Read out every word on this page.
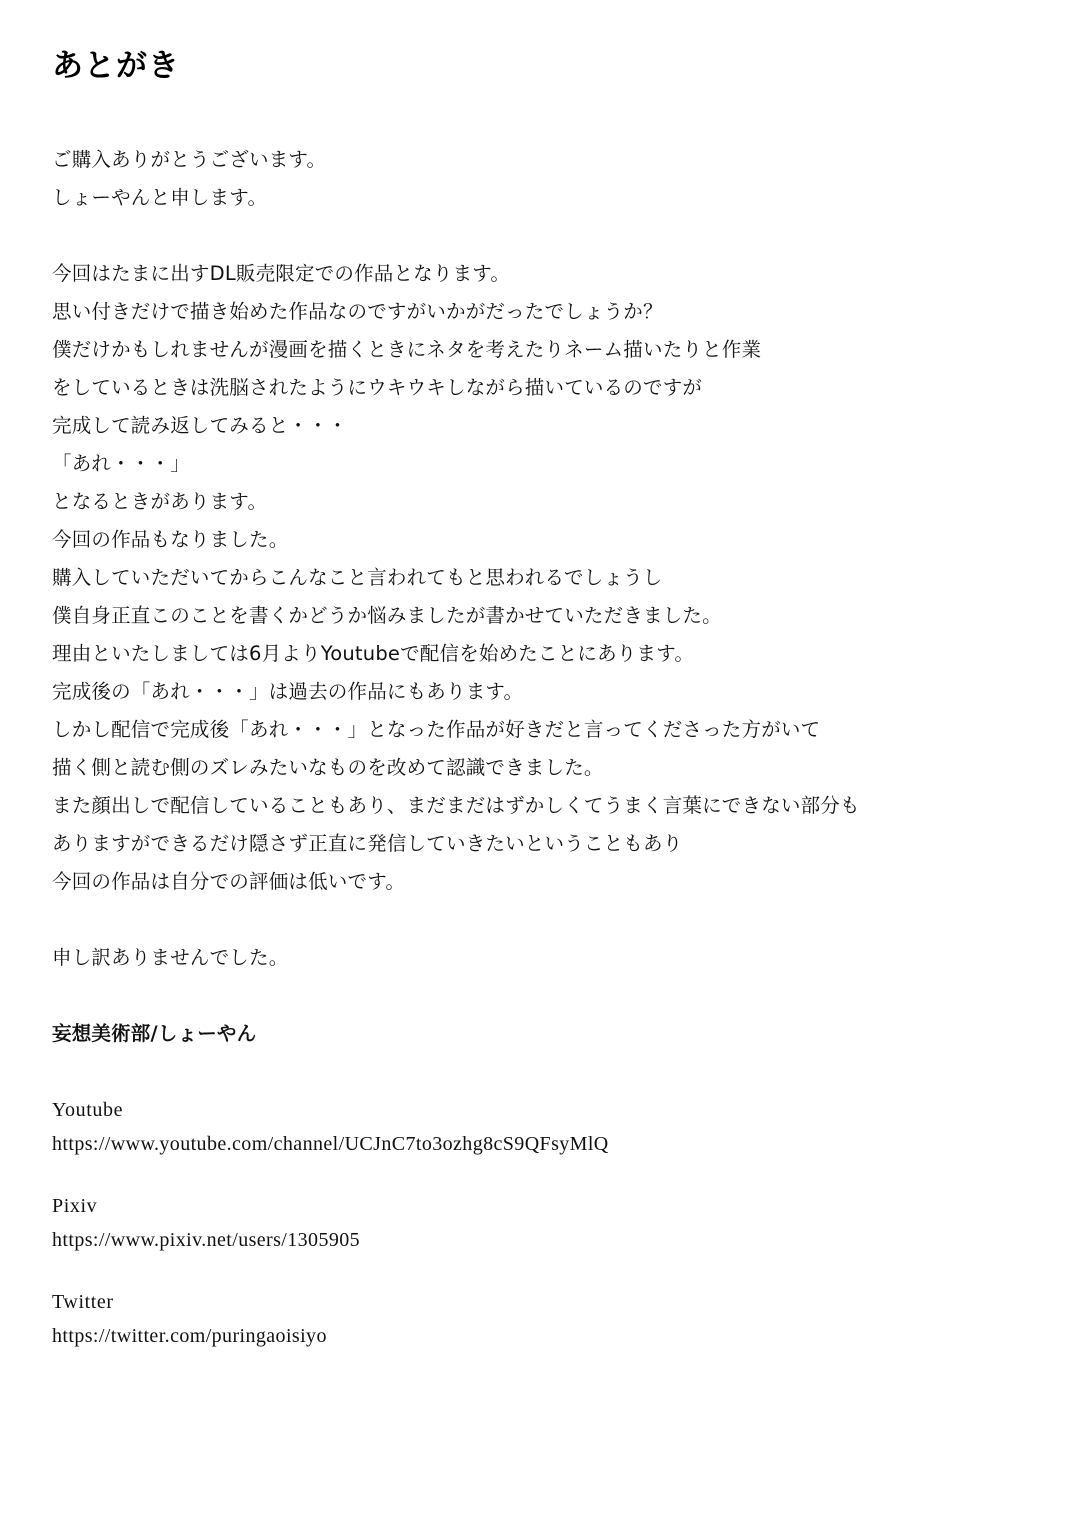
あとがき
ご購入ありがとうございます。
しょーやんと申します。
今回はたまに出すDL販売限定での作品となります。
思い付きだけで描き始めた作品なのですがいかがだったでしょうか？
僕だけかもしれませんが漫画を描くときにネタを考えたりネーム描いたりと作業
をしているときは洗脳されたようにウキウキしながら描いているのですが
完成して読み返してみると・・・
「あれ・・・」
となるときがあります。
今回の作品もなりました。
購入していただいてからこんなこと言われてもと思われるでしょうし
僕自身正直このことを書くかどうか悩みましたが書かせていただきました。
理由といたしましては6月よりYoutubeで配信を始めたことにあります。
完成後の「あれ・・・」は過去の作品にもあります。
しかし配信で完成後「あれ・・・」となった作品が好きだと言ってくださった方がいて
描く側と読む側のズレみたいなものを改めて認識できました。
また顔出しで配信していることもあり、まだまだはずかしくてうまく言葉にできない部分も
ありますができるだけ隠さず正直に発信していきたいということもあり
今回の作品は自分での評価は低いです。
申し訳ありませんでした。
妄想美術部/しょーやん
Youtube
https://www.youtube.com/channel/UCJnC7to3ozhg8cS9QFsyMlQ
Pixiv
https://www.pixiv.net/users/1305905
Twitter
https://twitter.com/puringaoisiyo
